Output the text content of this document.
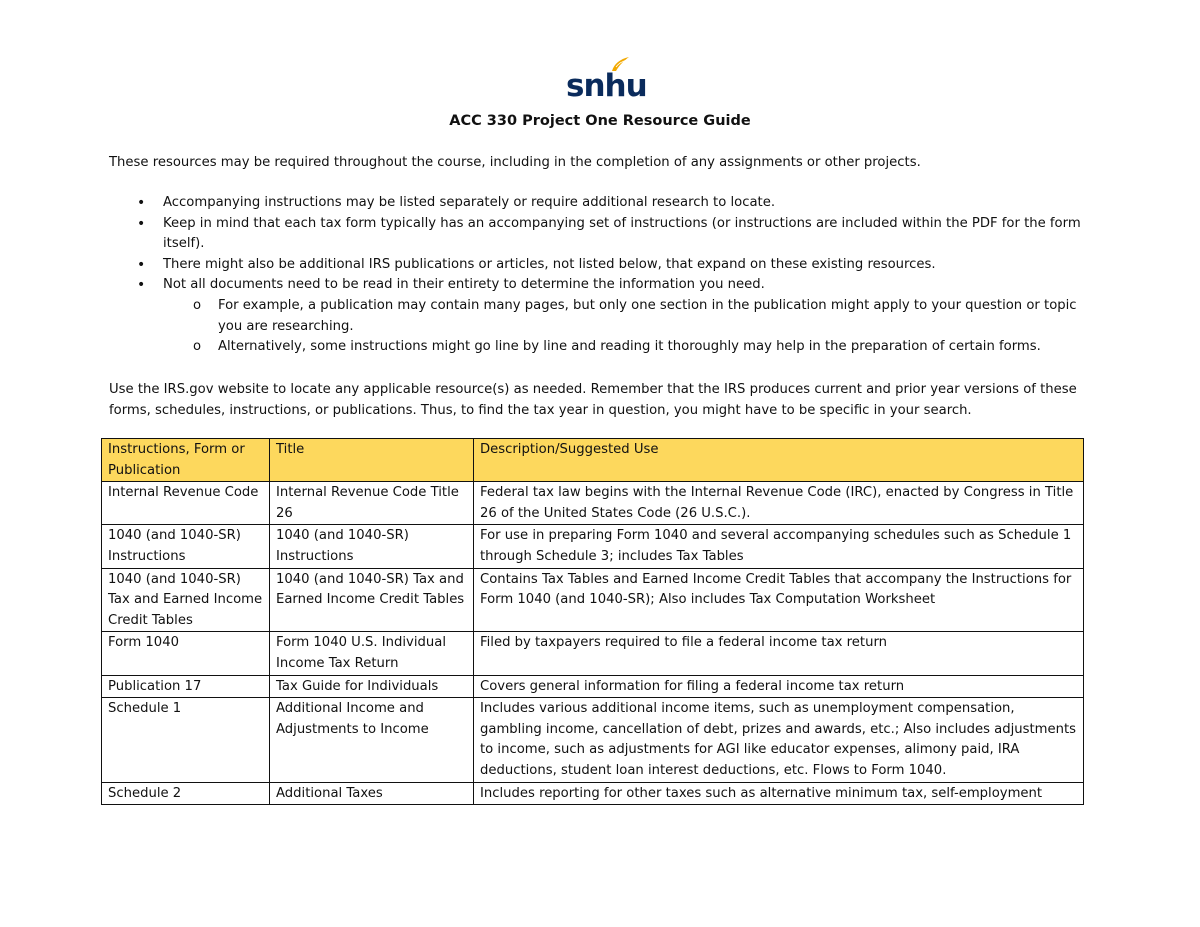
snhu
ACC 330 Project One Resource Guide
These resources may be required throughout the course, including in the completion of any assignments or other projects.
• Accompanying instructions may be listed separately or require additional research to locate.
• Keep in mind that each tax form typically has an accompanying set of instructions (or instructions are included within the PDF for the form itself).
• There might also be additional IRS publications or articles, not listed below, that expand on these existing resources.
• Not all documents need to be read in their entirety to determine the information you need.
o For example, a publication may contain many pages, but only one section in the publication might apply to your question or topic you are researching.
o Alternatively, some instructions might go line by line and reading it thoroughly may help in the preparation of certain forms.
Use the IRS.gov website to locate any applicable resource(s) as needed. Remember that the IRS produces current and prior year versions of these forms, schedules, instructions, or publications. Thus, to find the tax year in question, you might have to be specific in your search.
Instructions, Form or Publication	Title	Description/Suggested Use
Internal Revenue Code	Internal Revenue Code Title 26	Federal tax law begins with the Internal Revenue Code (IRC), enacted by Congress in Title 26 of the United States Code (26 U.S.C.).
1040 (and 1040-SR) Instructions	1040 (and 1040-SR) Instructions	For use in preparing Form 1040 and several accompanying schedules such as Schedule 1 through Schedule 3; includes Tax Tables
1040 (and 1040-SR) Tax and Earned Income Credit Tables	1040 (and 1040-SR) Tax and Earned Income Credit Tables	Contains Tax Tables and Earned Income Credit Tables that accompany the Instructions for Form 1040 (and 1040-SR); Also includes Tax Computation Worksheet
Form 1040	Form 1040 U.S. Individual Income Tax Return	Filed by taxpayers required to file a federal income tax return
Publication 17	Tax Guide for Individuals	Covers general information for filing a federal income tax return
Schedule 1	Additional Income and Adjustments to Income	Includes various additional income items, such as unemployment compensation, gambling income, cancellation of debt, prizes and awards, etc.; Also includes adjustments to income, such as adjustments for AGI like educator expenses, alimony paid, IRA deductions, student loan interest deductions, etc. Flows to Form 1040.
Schedule 2	Additional Taxes	Includes reporting for other taxes such as alternative minimum tax, self-employment
